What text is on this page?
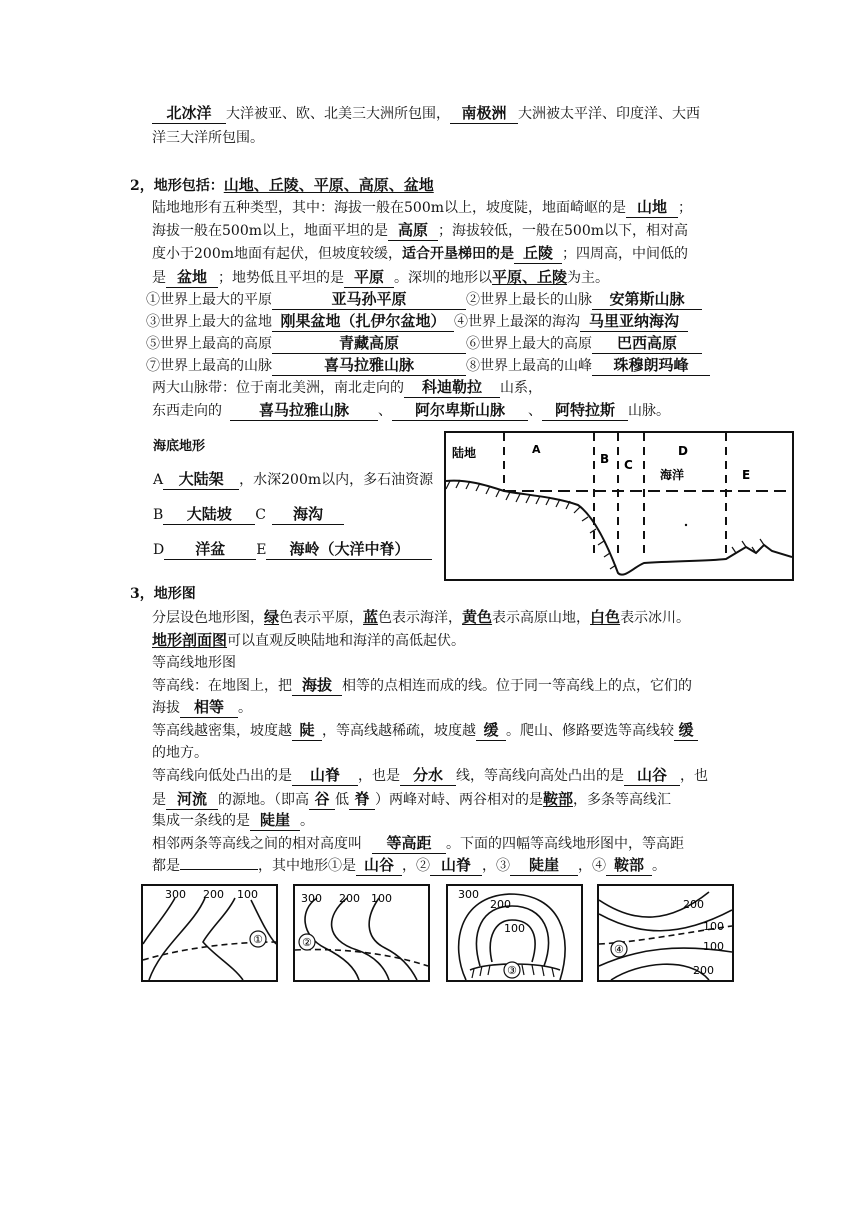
北冰洋 大洋被亚、欧、北美三大洲所包围， 南极洲 大洲被太平洋、印度洋、大西
洋三大洋所包围。
2，地形包括：山地、丘陵、平原、高原、盆地
陆地地形有五种类型，其中：海拔一般在500m以上，坡度陡，地面崎岖的是 山地 ；
海拔一般在500m以上，地面平坦的是 高原 ；海拔较低，一般在500m以下，相对高
度小于200m地面有起伏，但坡度较缓，适合开垦梯田的是 丘陵 ；四周高，中间低的
是 盆地 ；地势低且平坦的是 平原 。深圳的地形以平原、丘陵为主。
①世界上最大的平原	亚马孙平原	②世界上最长的山脉 安第斯山脉
③世界上最大的盆地 刚果盆地（扎伊尔盆地） ④世界上最深的海沟 马里亚纳海沟
⑤世界上最高的高原	青藏高原	⑥世界上最大的高原 巴西高原
⑦世界上最高的山脉	喜马拉雅山脉	⑧世界上最高的山峰 珠穆朗玛峰
两大山脉带：位于南北美洲，南北走向的 科迪勒拉 山系，
东西走向的 喜马拉雅山脉 、 阿尔卑斯山脉 、 阿特拉斯 山脉。
海底地形
A 大陆架 ，水深200m以内，多石油资源
B 大陆坡 C 海沟
D 洋盆 E 海岭（大洋中脊）
陆地	A
B C
D
海洋	E
3，地形图
分层设色地形图，绿色表示平原，蓝色表示海洋，黄色表示高原山地，白色表示冰川。
地形剖面图可以直观反映陆地和海洋的高低起伏。
等高线地形图
等高线：在地图上，把 海拔 相等的点相连而成的线。位于同一等高线上的点，它们的
海拔 相等 。
等高线越密集，坡度越 陡 ，等高线越稀疏，坡度越 缓 。爬山、修路要选等高线较 缓
的地方。
等高线向低处凸出的是 山脊 ，也是 分水 线，等高线向高处凸出的是 山谷 ，也
是 河流 的源地。（即高 谷 低 脊 ）两峰对峙、两谷相对的是鞍部，多条等高线汇
集成一条线的是 陡崖 。
相邻两条等高线之间的相对高度叫 等高距 。下面的四幅等高线地形图中，等高距
都是	，其中地形①是 山谷 ，② 山脊 ，③ 陡崖 ，④ 鞍部 。
300 200 100
①
300 200 100
②
300
200
100
③
200
100
100
200
④
